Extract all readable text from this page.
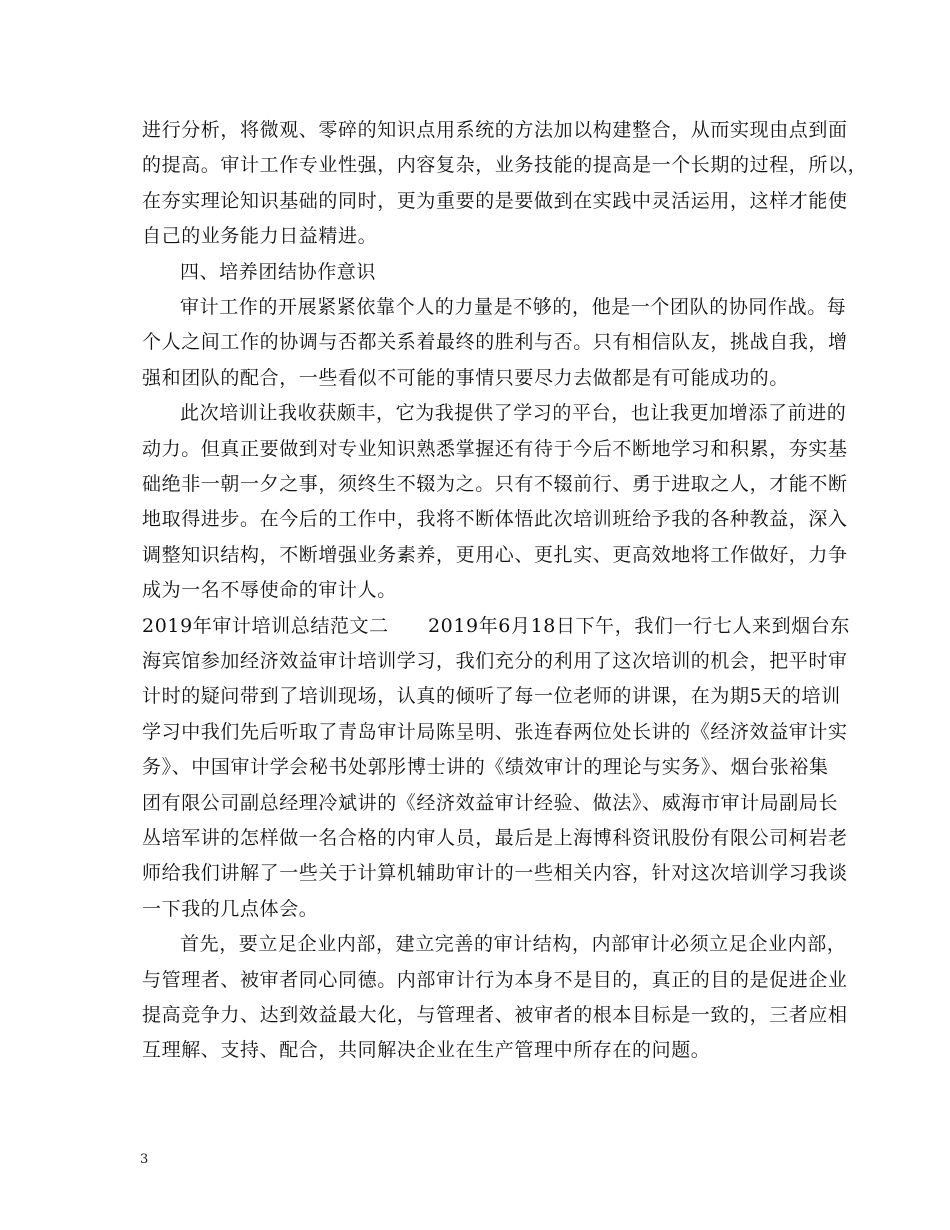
进行分析，将微观、零碎的知识点用系统的方法加以构建整合，从而实现由点到面
的提高。审计工作专业性强，内容复杂，业务技能的提高是一个长期的过程，所以，
在夯实理论知识基础的同时，更为重要的是要做到在实践中灵活运用，这样才能使
自己的业务能力日益精进。
四、培养团结协作意识
审计工作的开展紧紧依靠个人的力量是不够的，他是一个团队的协同作战。每
个人之间工作的协调与否都关系着最终的胜利与否。只有相信队友，挑战自我，增
强和团队的配合，一些看似不可能的事情只要尽力去做都是有可能成功的。
此次培训让我收获颇丰，它为我提供了学习的平台，也让我更加增添了前进的
动力。但真正要做到对专业知识熟悉掌握还有待于今后不断地学习和积累，夯实基
础绝非一朝一夕之事，须终生不辍为之。只有不辍前行、勇于进取之人，才能不断
地取得进步。在今后的工作中，我将不断体悟此次培训班给予我的各种教益，深入
调整知识结构，不断增强业务素养，更用心、更扎实、更高效地将工作做好，力争
成为一名不辱使命的审计人。
2019年审计培训总结范文二　　2019年6月18日下午，我们一行七人来到烟台东
海宾馆参加经济效益审计培训学习，我们充分的利用了这次培训的机会，把平时审
计时的疑问带到了培训现场，认真的倾听了每一位老师的讲课，在为期5天的培训
学习中我们先后听取了青岛审计局陈呈明、张连春两位处长讲的《经济效益审计实
务》、中国审计学会秘书处郭彤博士讲的《绩效审计的理论与实务》、烟台张裕集
团有限公司副总经理冷斌讲的《经济效益审计经验、做法》、威海市审计局副局长
丛培军讲的怎样做一名合格的内审人员，最后是上海博科资讯股份有限公司柯岩老
师给我们讲解了一些关于计算机辅助审计的一些相关内容，针对这次培训学习我谈
一下我的几点体会。
首先，要立足企业内部，建立完善的审计结构，内部审计必须立足企业内部，
与管理者、被审者同心同德。内部审计行为本身不是目的，真正的目的是促进企业
提高竞争力、达到效益最大化，与管理者、被审者的根本目标是一致的，三者应相
互理解、支持、配合，共同解决企业在生产管理中所存在的问题。
3
